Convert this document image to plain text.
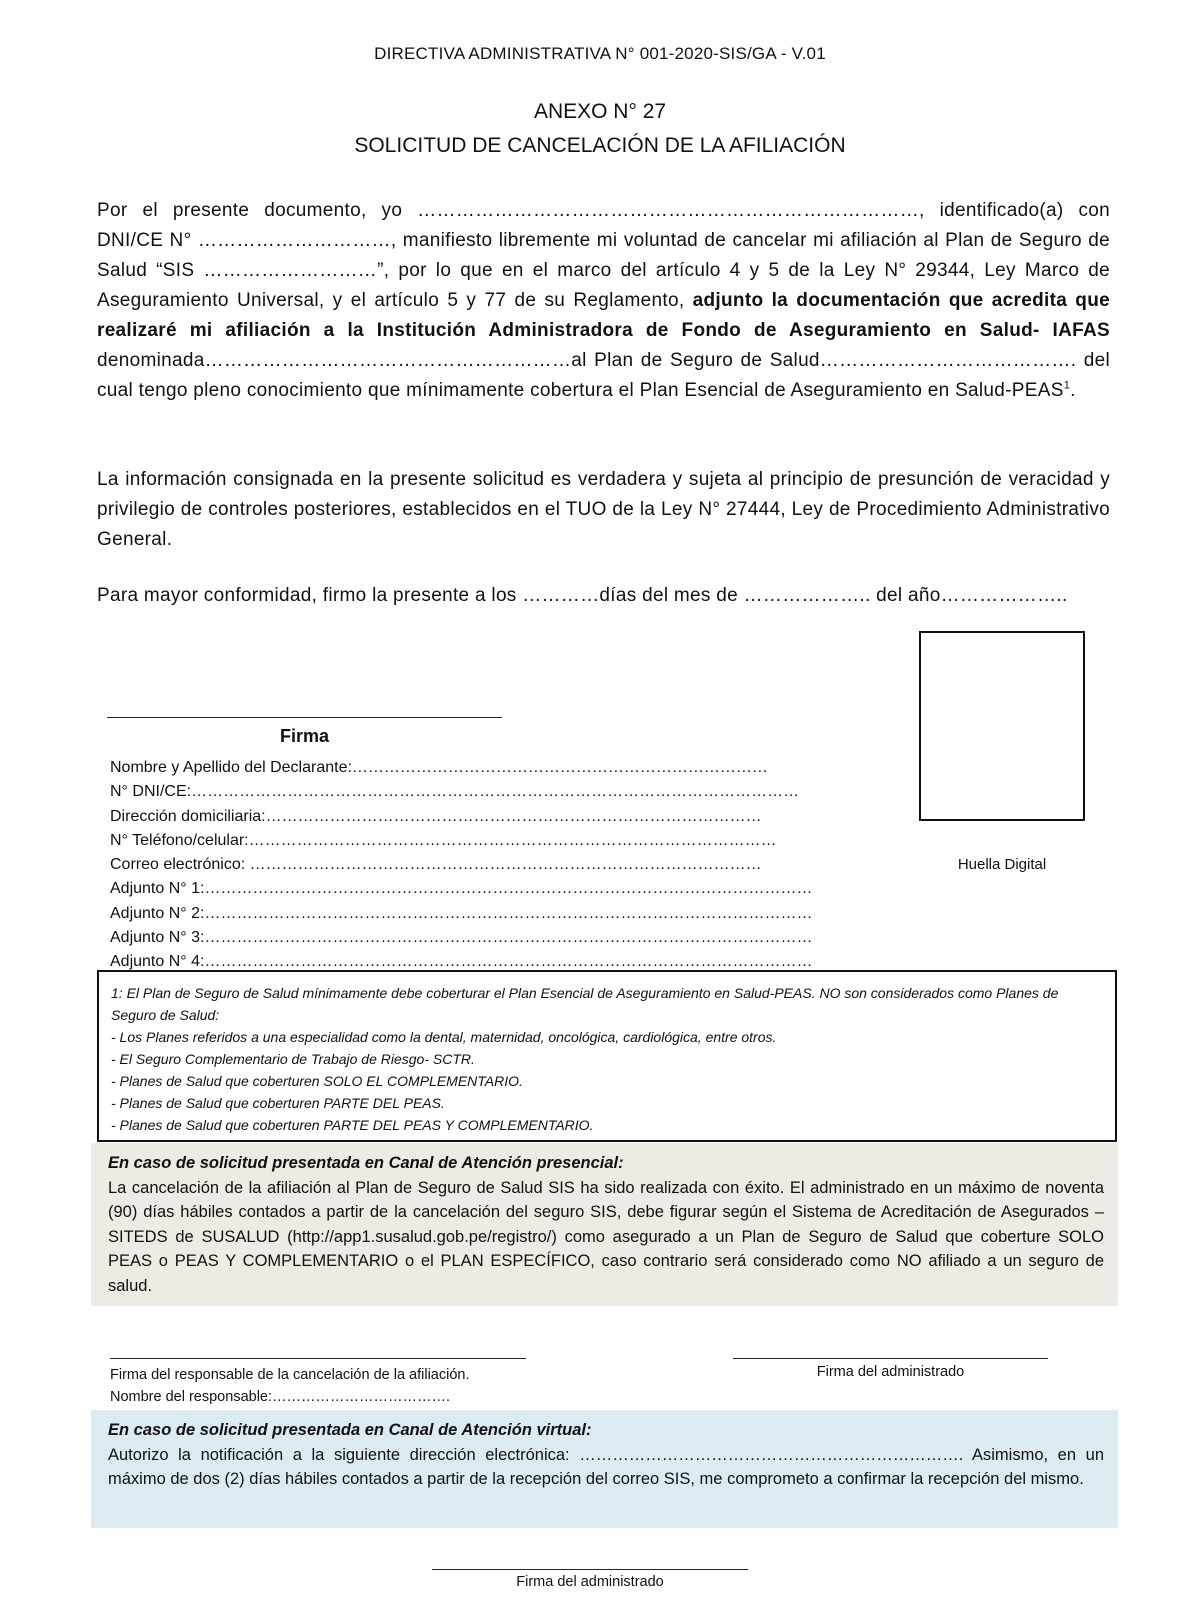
DIRECTIVA ADMINISTRATIVA N° 001-2020-SIS/GA - V.01
ANEXO N° 27
SOLICITUD DE CANCELACIÓN DE LA AFILIACIÓN
Por el presente documento, yo ……………………………………………………………………, identificado(a) con DNI/CE N° …………………………, manifiesto libremente mi voluntad de cancelar mi afiliación al Plan de Seguro de Salud “SIS ………………………”, por lo que en el marco del artículo 4 y 5 de la Ley N° 29344, Ley Marco de Aseguramiento Universal, y el artículo 5 y 77 de su Reglamento, adjunto la documentación que acredita que realizaré mi afiliación a la Institución Administradora de Fondo de Aseguramiento en Salud- IAFAS denominada…………………………………………………al Plan de Seguro de Salud…………………………………. del cual tengo pleno conocimiento que mínimamente cobertura el Plan Esencial de Aseguramiento en Salud-PEAS$^1$.
La información consignada en la presente solicitud es verdadera y sujeta al principio de presunción de veracidad y privilegio de controles posteriores, establecidos en el TUO de la Ley N° 27444, Ley de Procedimiento Administrativo General.
Para mayor conformidad, firmo la presente a los …………días del mes de ……………….. del año………………..
Firma
Nombre y Apellido del Declarante:……………………………………………………………………
N° DNI/CE:……………………………………………………………………………………………………
Dirección domiciliaria:…………………………………………………………………………………
N° Teléfono/celular:………………………………………………………………………………………
Correo electrónico: ……………………………………………………………………………………
Adjunto N° 1:……………………………………………………………………………………………………
Adjunto N° 2:……………………………………………………………………………………………………
Adjunto N° 3:……………………………………………………………………………………………………
Adjunto N° 4:……………………………………………………………………………………………………
Huella Digital
1: El Plan de Seguro de Salud mínimamente debe coberturar el Plan Esencial de Aseguramiento en Salud-PEAS. NO son considerados como Planes de Seguro de Salud:
- Los Planes referidos a una especialidad como la dental, maternidad, oncológica, cardiológica, entre otros.
- El Seguro Complementario de Trabajo de Riesgo- SCTR.
- Planes de Salud que coberturen SOLO EL COMPLEMENTARIO.
- Planes de Salud que coberturen PARTE DEL PEAS.
- Planes de Salud que coberturen PARTE DEL PEAS Y COMPLEMENTARIO.
En caso de solicitud presentada en Canal de Atención presencial:
La cancelación de la afiliación al Plan de Seguro de Salud SIS ha sido realizada con éxito. El administrado en un máximo de noventa (90) días hábiles contados a partir de la cancelación del seguro SIS, debe figurar según el Sistema de Acreditación de Asegurados – SITEDS de SUSALUD (http://app1.susalud.gob.pe/registro/) como asegurado a un Plan de Seguro de Salud que coberture SOLO PEAS o PEAS Y COMPLEMENTARIO o el PLAN ESPECÍFICO, caso contrario será considerado como NO afiliado a un seguro de salud.
Firma del responsable de la cancelación de la afiliación.
Nombre del responsable:……………………………….
Firma del administrado
En caso de solicitud presentada en Canal de Atención virtual:
Autorizo la notificación a la siguiente dirección electrónica: ……………………………………………………………. Asimismo, en un máximo de dos (2) días hábiles contados a partir de la recepción del correo SIS, me comprometo a confirmar la recepción del mismo.
Firma del administrado
